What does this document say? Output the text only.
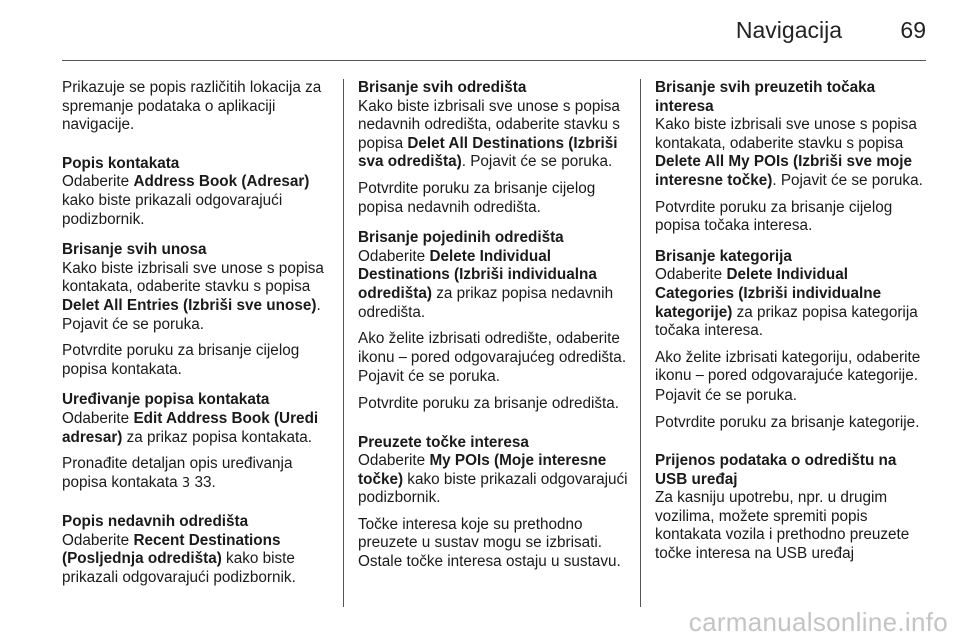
Navigacija	69

Prikazuje se popis različitih lokacija za spremanje podataka o aplikaciji navigacije.

Popis kontakata

Odaberite Address Book (Adresar) kako biste prikazali odgovarajući podizbornik.

Brisanje svih unosa

Kako biste izbrisali sve unose s popisa kontakata, odaberite stavku s popisa Delet All Entries (Izbriši sve unose). Pojavit će se poruka.

Potvrdite poruku za brisanje cijelog popisa kontakata.

Uređivanje popisa kontakata

Odaberite Edit Address Book (Uredi adresar) za prikaz popisa kontakata.

Pronađite detaljan opis uređivanja popisa kontakata 3 33.

Popis nedavnih odredišta

Odaberite Recent Destinations (Posljednja odredišta) kako biste prikazali odgovarajući podizbornik.

Brisanje svih odredišta

Kako biste izbrisali sve unose s popisa nedavnih odredišta, odaberite stavku s popisa Delet All Destinations (Izbriši sva odredišta). Pojavit će se poruka.

Potvrdite poruku za brisanje cijelog popisa nedavnih odredišta.

Brisanje pojedinih odredišta

Odaberite Delete Individual Destinations (Izbriši individualna odredišta) za prikaz popisa nedavnih odredišta.

Ako želite izbrisati odredište, odaberite ikonu ─ pored odgovarajućeg odredišta. Pojavit će se poruka.

Potvrdite poruku za brisanje odredišta.

Preuzete točke interesa

Odaberite My POIs (Moje interesne točke) kako biste prikazali odgovarajući podizbornik.

Točke interesa koje su prethodno preuzete u sustav mogu se izbrisati. Ostale točke interesa ostaju u sustavu.

Brisanje svih preuzetih točaka interesa

Kako biste izbrisali sve unose s popisa kontakata, odaberite stavku s popisa Delete All My POIs (Izbriši sve moje interesne točke). Pojavit će se poruka.

Potvrdite poruku za brisanje cijelog popisa točaka interesa.

Brisanje kategorija

Odaberite Delete Individual Categories (Izbriši individualne kategorije) za prikaz popisa kategorija točaka interesa.

Ako želite izbrisati kategoriju, odaberite ikonu ─ pored odgovarajuće kategorije. Pojavit će se poruka.

Potvrdite poruku za brisanje kategorije.

Prijenos podataka o odredištu na USB uređaj

Za kasniju upotrebu, npr. u drugim vozilima, možete spremiti popis kontakata vozila i prethodno preuzete točke interesa na USB uređaj

carmanualsonline.info
